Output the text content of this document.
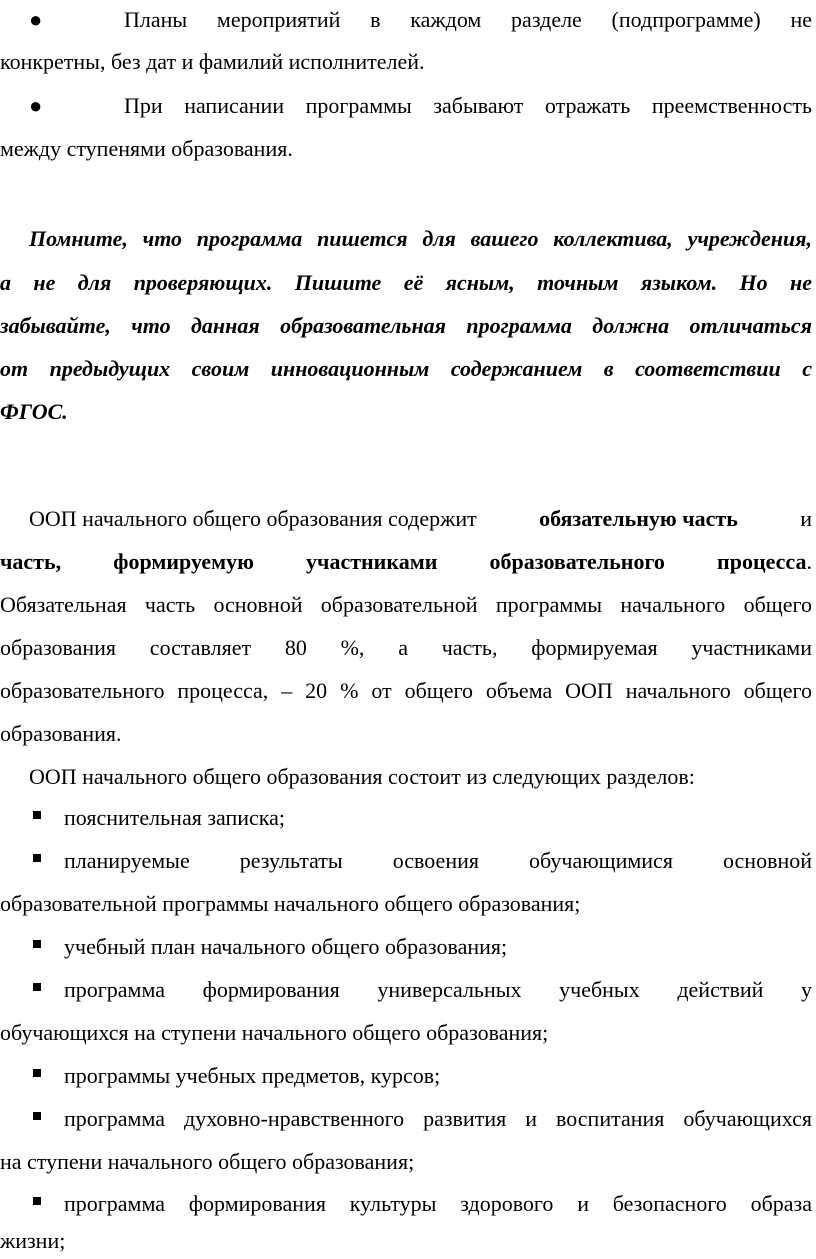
●	Планы мероприятий в каждом разделе (подпрограмме) не
конкретны, без дат и фамилий исполнителей.
●	При написании программы забывают отражать преемственность
между ступенями образования.
Помните, что программа пишется для вашего коллектива, учреждения,
а не для проверяющих. Пишите её ясным, точным языком. Но не
забывайте, что данная образовательная программа должна отличаться
от предыдущих своим инновационным содержанием в соответствии с
ФГОС.
ООП начального общего образования содержит	обязательную часть	и
часть, формируемую участниками образовательного процесса.
Обязательная часть основной образовательной программы начального общего
образования составляет 80 %, а часть, формируемая участниками
образовательного процесса, – 20 % от общего объема ООП начального общего
образования.
ООП начального общего образования состоит из следующих разделов:
пояснительная записка;
планируемые результаты освоения обучающимися основной
образовательной программы начального общего образования;
учебный план начального общего образования;
программа формирования универсальных учебных действий у
обучающихся на ступени начального общего образования;
программы учебных предметов, курсов;
программа духовно-нравственного развития и воспитания обучающихся
на ступени начального общего образования;
программа формирования культуры здорового и безопасного образа
жизни;
